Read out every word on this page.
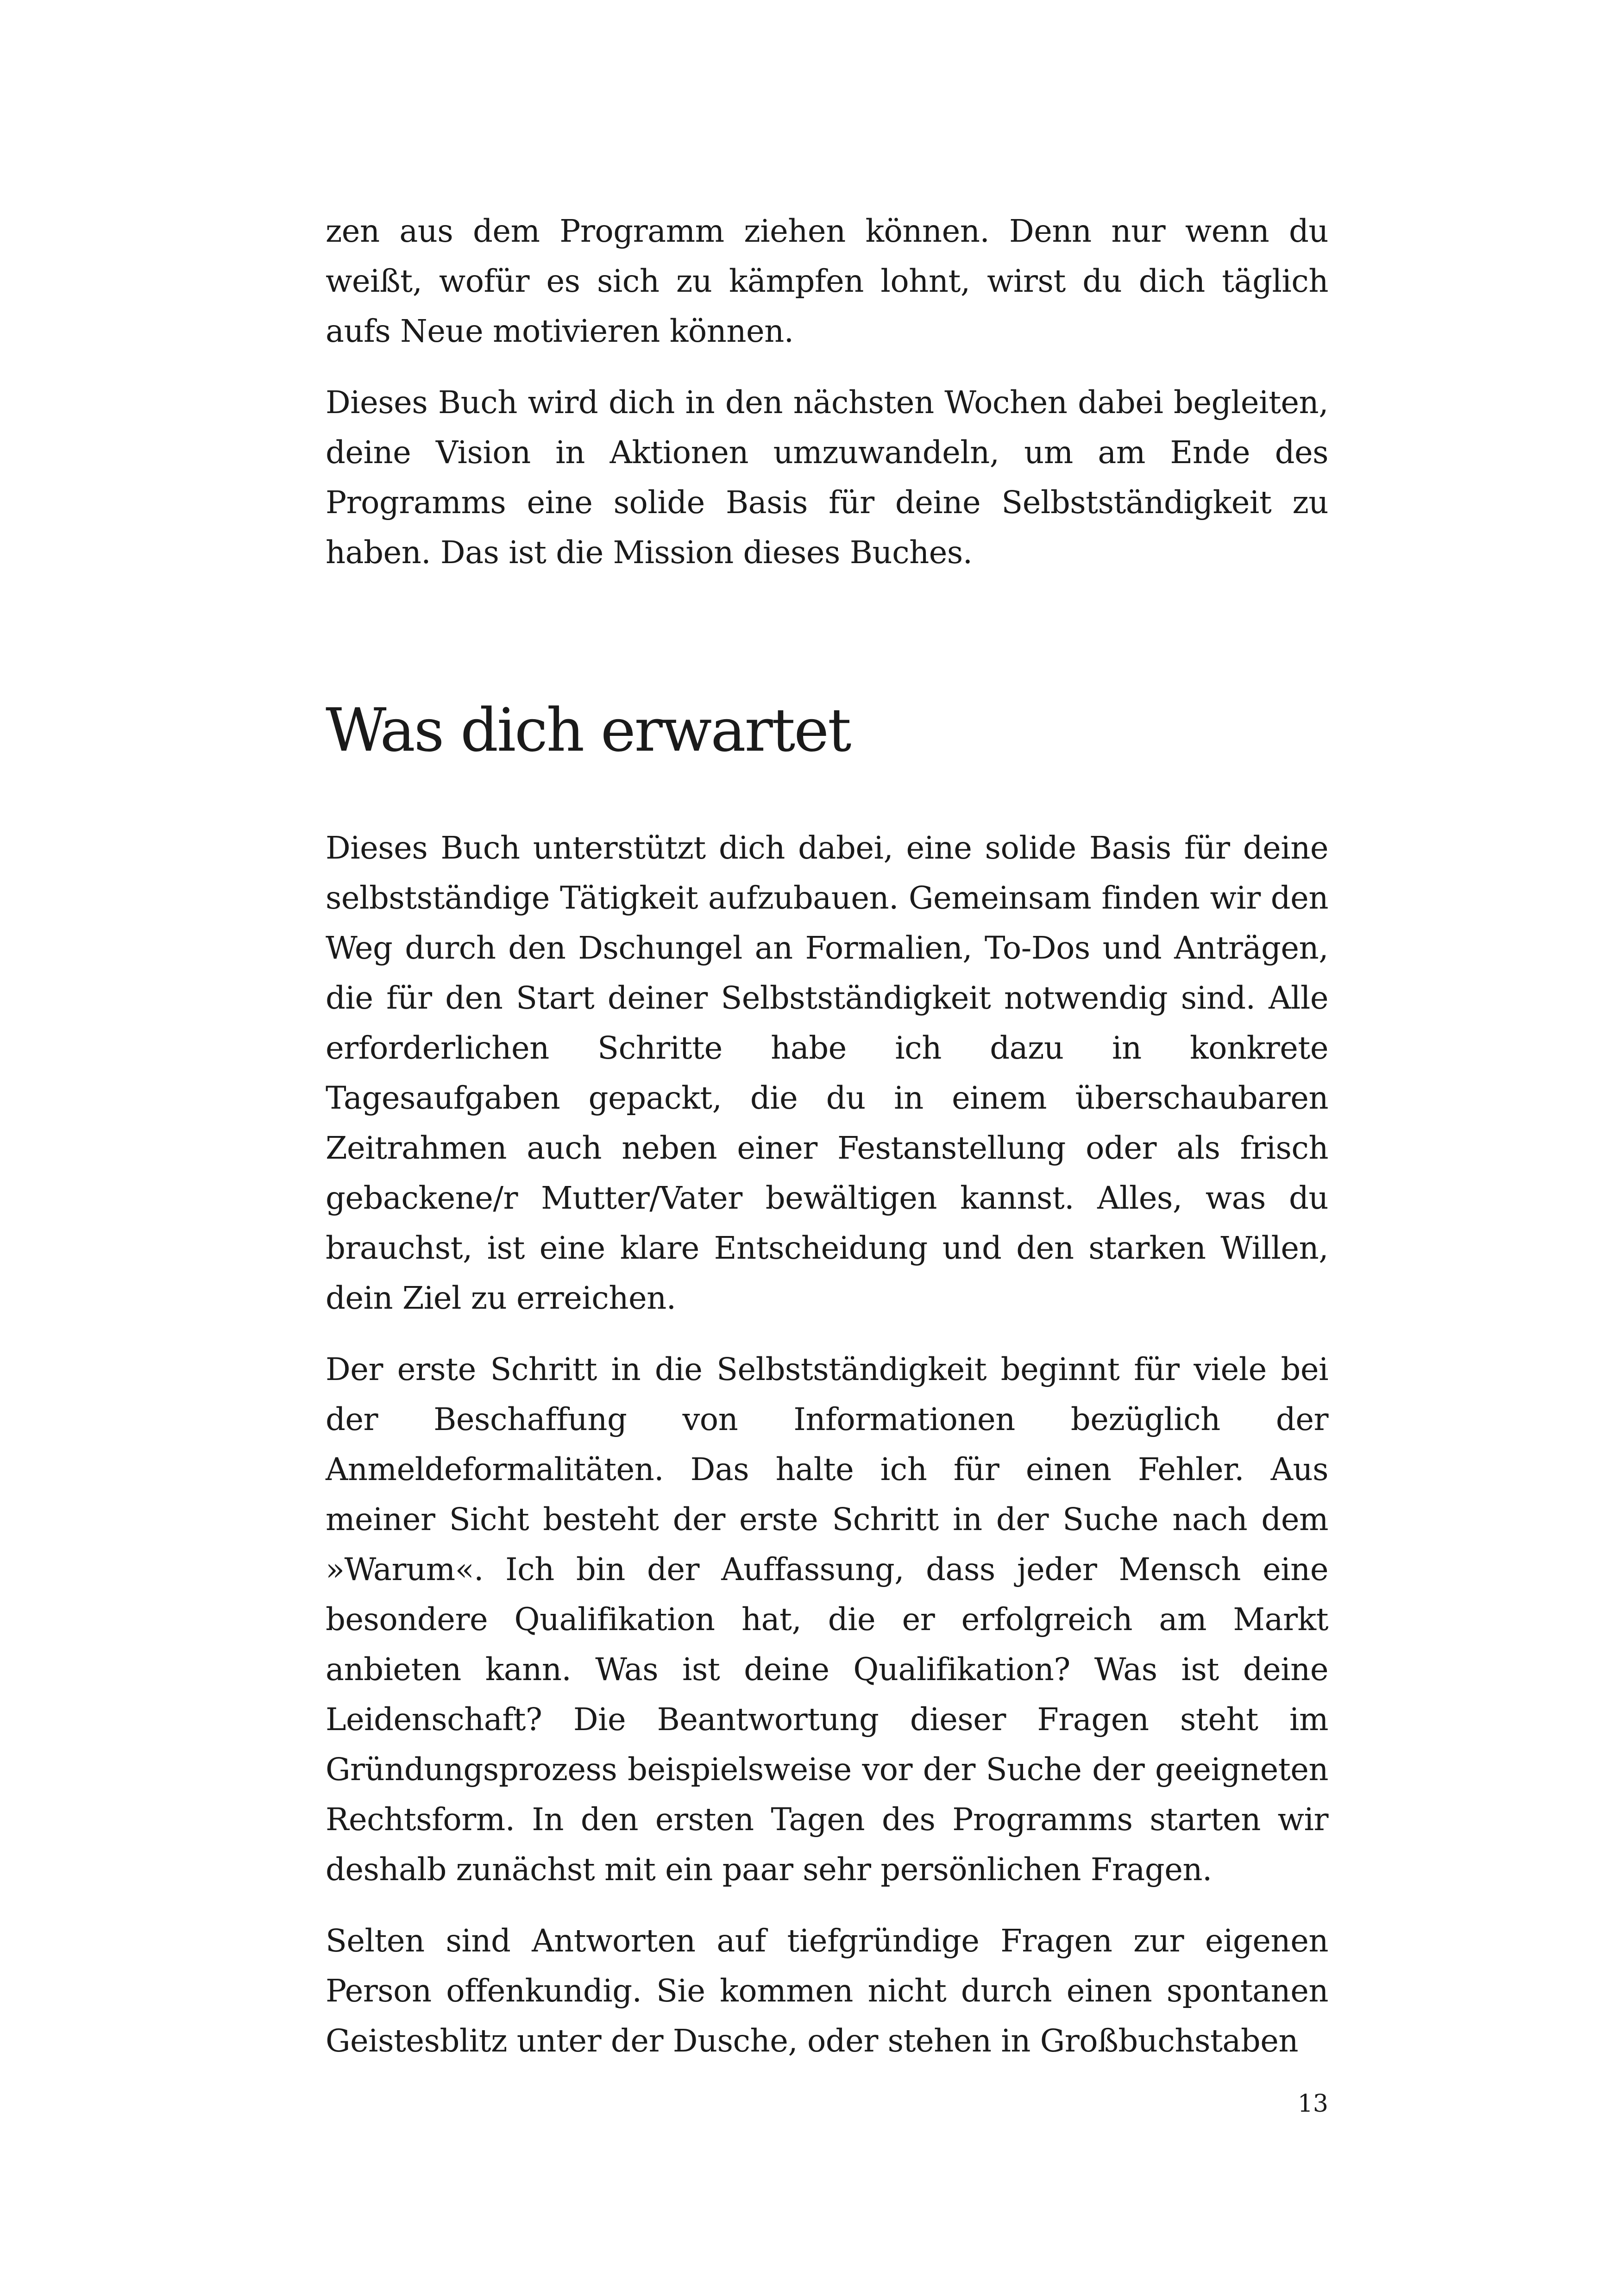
zen aus dem Programm ziehen können. Denn nur wenn du weißt, wofür es sich zu kämpfen lohnt, wirst du dich täglich aufs Neue motivieren können.

Dieses Buch wird dich in den nächsten Wochen dabei begleiten, deine Vision in Aktionen umzuwandeln, um am Ende des Programms eine solide Basis für deine Selbstständigkeit zu haben. Das ist die Mission dieses Buches.

Was dich erwartet

Dieses Buch unterstützt dich dabei, eine solide Basis für deine selbstständige Tätigkeit aufzubauen. Gemeinsam finden wir den Weg durch den Dschungel an Formalien, To-Dos und Anträgen, die für den Start deiner Selbstständigkeit notwendig sind. Alle erforderlichen Schritte habe ich dazu in konkrete Tagesaufgaben gepackt, die du in einem überschaubaren Zeitrahmen auch neben einer Festanstellung oder als frisch gebackene/r Mutter/Vater bewältigen kannst. Alles, was du brauchst, ist eine klare Entscheidung und den starken Willen, dein Ziel zu erreichen.

Der erste Schritt in die Selbstständigkeit beginnt für viele bei der Beschaffung von Informationen bezüglich der Anmeldeformalitäten. Das halte ich für einen Fehler. Aus meiner Sicht besteht der erste Schritt in der Suche nach dem »Warum«. Ich bin der Auffassung, dass jeder Mensch eine besondere Qualifikation hat, die er erfolgreich am Markt anbieten kann. Was ist deine Qualifikation? Was ist deine Leidenschaft? Die Beantwortung dieser Fragen steht im Gründungsprozess beispielsweise vor der Suche der geeigneten Rechtsform. In den ersten Tagen des Programms starten wir deshalb zunächst mit ein paar sehr persönlichen Fragen.

Selten sind Antworten auf tiefgründige Fragen zur eigenen Person offenkundig. Sie kommen nicht durch einen spontanen Geistesblitz unter der Dusche, oder stehen in Großbuchstaben

13
